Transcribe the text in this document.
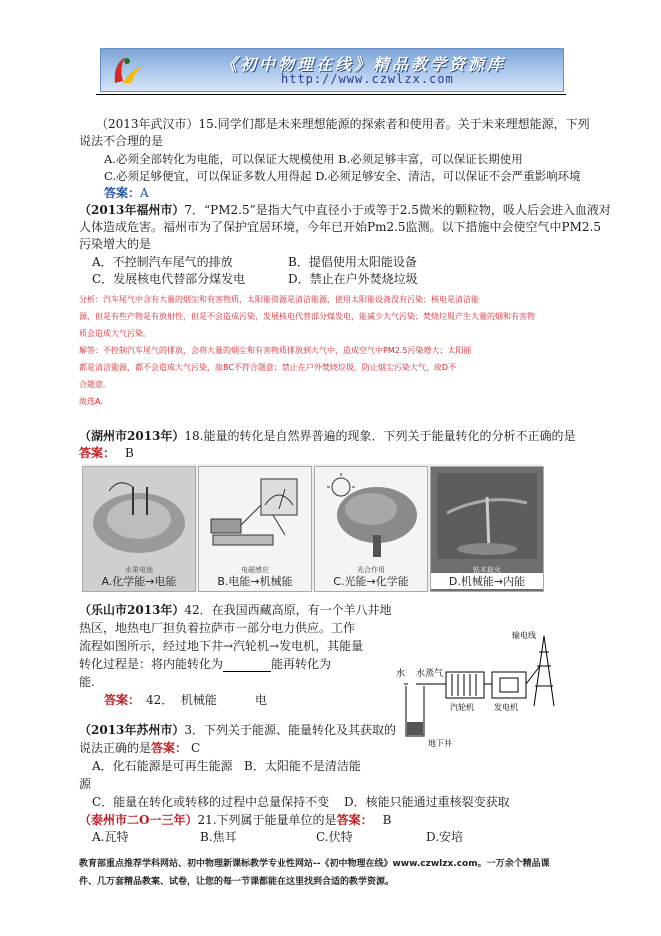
《初中物理在线》精品教学资源库
http://www.czwlzx.com
（2013年武汉市）15.同学们都是未来理想能源的探索者和使用者。关于未来理想能源，下列
说法不合理的是
A.必须全部转化为电能，可以保证大规模使用 B.必须足够丰富，可以保证长期使用
C.必须足够便宜，可以保证多数人用得起 D.必须足够安全、清洁，可以保证不会严重影响环境
答案：A
（2013年福州市）7．“PM2.5”是指大气中直径小于或等于2.5微米的颗粒物，吸人后会进入血液对
人体造成危害。福州市为了保护宜居环境，今年已开始Pm2.5监测。以下措施中会使空气中PM2.5
污染增大的是
A．不控制汽车尾气的排放	B．提倡使用太阳能设备
C．发展核电代替部分煤发电	D．禁止在户外焚烧垃圾
分析：汽车尾气中含有大量的烟尘和有害物质，太阳能资源是清洁能源，使用太阳能设备没有污染；核电是清洁能
源，但是有些产物是有放射性，但是不会造成污染，发展核电代替部分煤发电，能减少大气污染；焚烧垃圾产生大量的烟和有害物
质会造成大气污染。
解答：不控制汽车尾气的排放，会将大量的烟尘和有害物质排放到大气中，造成空气中PM2.5污染增大；太阳能
都是清洁能源，都不会造成大气污染，故BC不符合题意；禁止在户外焚烧垃圾，防止烟尘污染大气，故D不
合题意。
故选A.
（湖州市2013年）18.能量的转化是自然界普遍的现象．下列关于能量转化的分析不正确的是
答案： B
水果电池
A.化学能→电能
电磁感应
B.电能→机械能
光合作用
C.光能→化学能	D.机械能→内能
钻木取火
（乐山市2013年）42．在我国西藏高原，有一个羊八井地
热区，地热电厂担负着拉萨市一部分电力供应。工作
流程如图所示，经过地下井→汽轮机→发电机，其能量
转化过程是：将内能转化为	能再转化为
能.
答案： 42．  机械能          电
水 水蒸气
汽轮机	发电机
输电线
地下井
（2013年苏州市）3．下列关于能源、能量转化及其获取的
说法正确的是答案： C
A．化石能源是可再生能源 B．太阳能不是清洁能
源
C．能量在转化或转移的过程中总量保持不变 D．核能只能通过重核裂变获取
（泰州市二O一三年）21.下列属于能量单位的是答案： B
A.瓦特	B.焦耳	C.伏特	D.安培
教育部重点推荐学科网站、初中物理新课标教学专业性网站--《初中物理在线》www.czwlzx.com。一万余个精品课
件、几万套精品教案、试卷，让您的每一节课都能在这里找到合适的教学资源。
